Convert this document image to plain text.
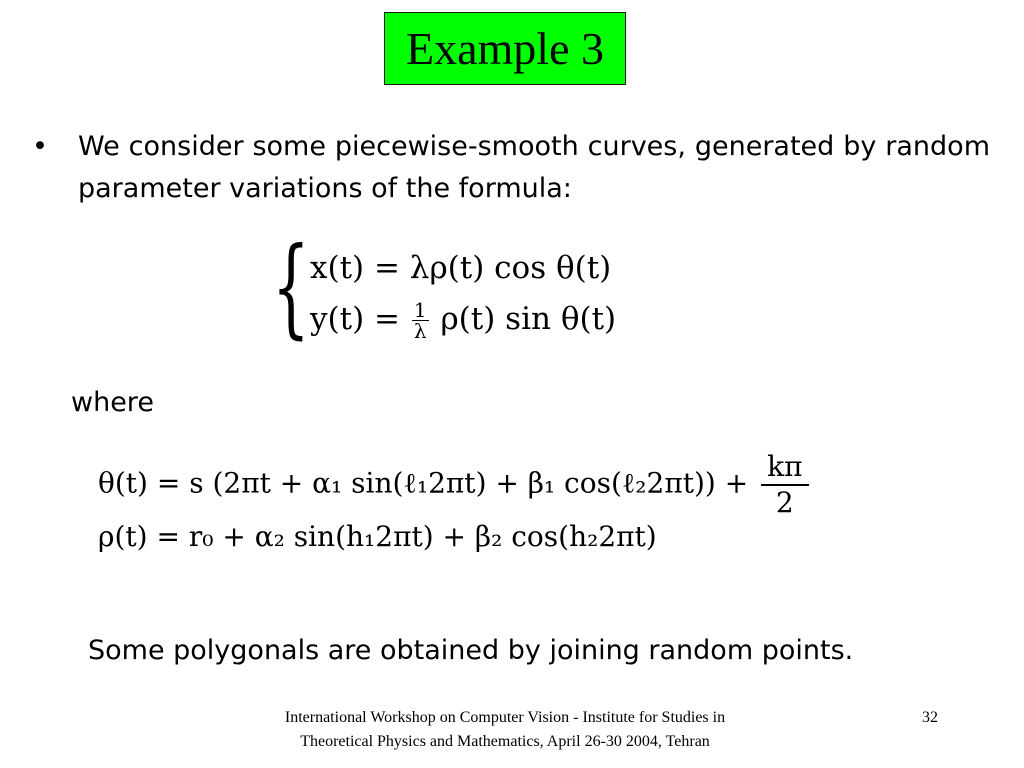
Example 3
• We consider some piecewise-smooth curves, generated by random parameter variations of the formula:
{ x(t) = λρ(t) cos θ(t)
$y(t) = \frac{1}{\lambda} \rho(t)$ sin θ(t)
where
θ(t) = s (2πt + α₁ sin(ℓ₁2πt) + β₁ cos(ℓ₂2πt)) + $\frac{k\pi}{2}$
ρ(t) = r₀ + α₂ sin(h₁2πt) + β₂ cos(h₂2πt)
Some polygonals are obtained by joining random points.
International Workshop on Computer Vision - Institute for Studies in
Theoretical Physics and Mathematics, April 26-30 2004, Tehran
32
